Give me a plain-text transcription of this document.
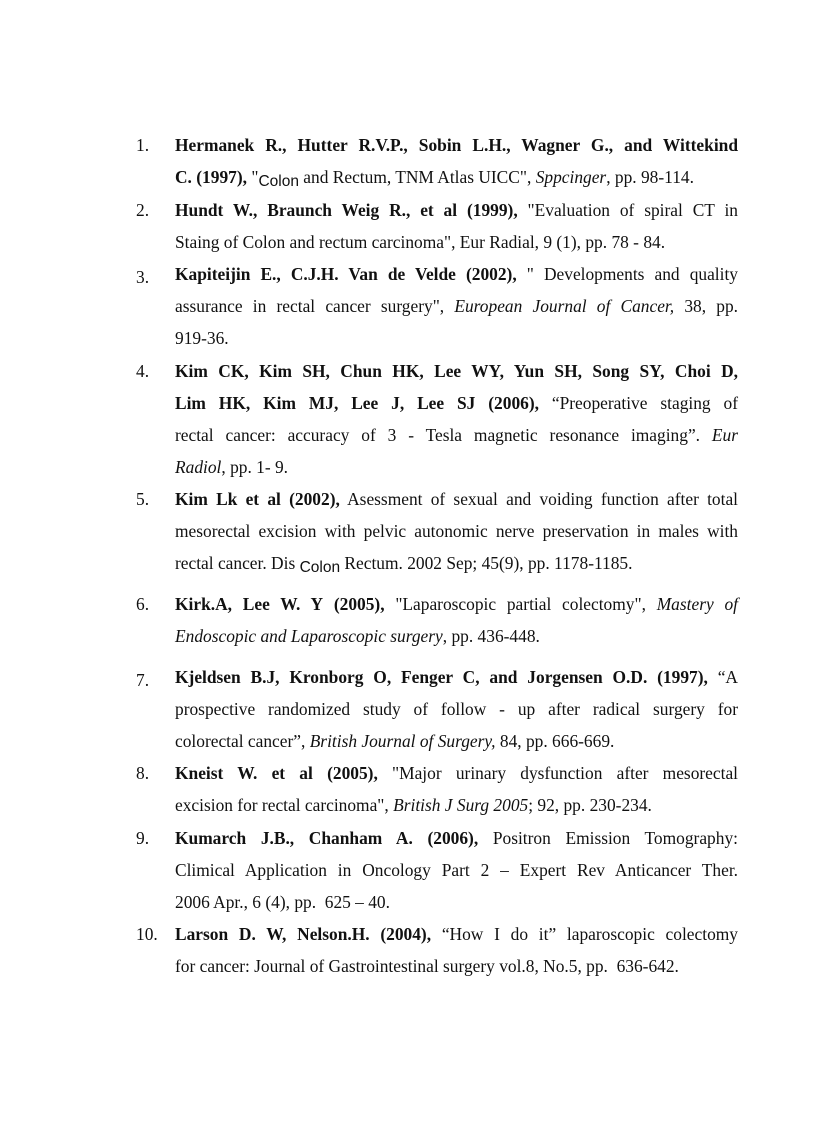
1. Hermanek R., Hutter R.V.P., Sobin L.H., Wagner G., and Wittekind
C. (1997), "Colon and Rectum, TNM Atlas UICC", Sppcinger, pp. 98-114.
2. Hundt W., Braunch Weig R., et al (1999), "Evaluation of spiral CT in
Staing of Colon and rectum carcinoma", Eur Radial, 9 (1), pp. 78 - 84.
3. Kapiteijin E., C.J.H. Van de Velde (2002), " Developments and quality
assurance in rectal cancer surgery", European Journal of Cancer, 38, pp.
919-36.
4. Kim CK, Kim SH, Chun HK, Lee WY, Yun SH, Song SY, Choi D,
Lim HK, Kim MJ, Lee J, Lee SJ (2006), “Preoperative staging of
rectal cancer: accuracy of 3 - Tesla magnetic resonance imaging”. Eur
Radiol, pp. 1- 9.
5. Kim Lk et al (2002), Asessment of sexual and voiding function after total
mesorectal excision with pelvic autonomic nerve preservation in males with
rectal cancer. Dis Colon Rectum. 2002 Sep; 45(9), pp. 1178-1185.
6. Kirk.A, Lee W. Y (2005), "Laparoscopic partial colectomy", Mastery of
Endoscopic and Laparoscopic surgery, pp. 436-448.
7. Kjeldsen B.J, Kronborg O, Fenger C, and Jorgensen O.D. (1997), “A
prospective randomized study of follow - up after radical surgery for
colorectal cancer”, British Journal of Surgery, 84, pp. 666-669.
8. Kneist W. et al (2005), "Major urinary dysfunction after mesorectal
excision for rectal carcinoma", British J Surg 2005; 92, pp. 230-234.
9. Kumarch J.B., Chanham A. (2006), Positron Emission Tomography:
Climical Application in Oncology Part 2 – Expert Rev Anticancer Ther.
2006 Apr., 6 (4), pp.  625 – 40.
10. Larson D. W, Nelson.H. (2004), “How I do it” laparoscopic colectomy
for cancer: Journal of Gastrointestinal surgery vol.8, No.5, pp.  636-642.
